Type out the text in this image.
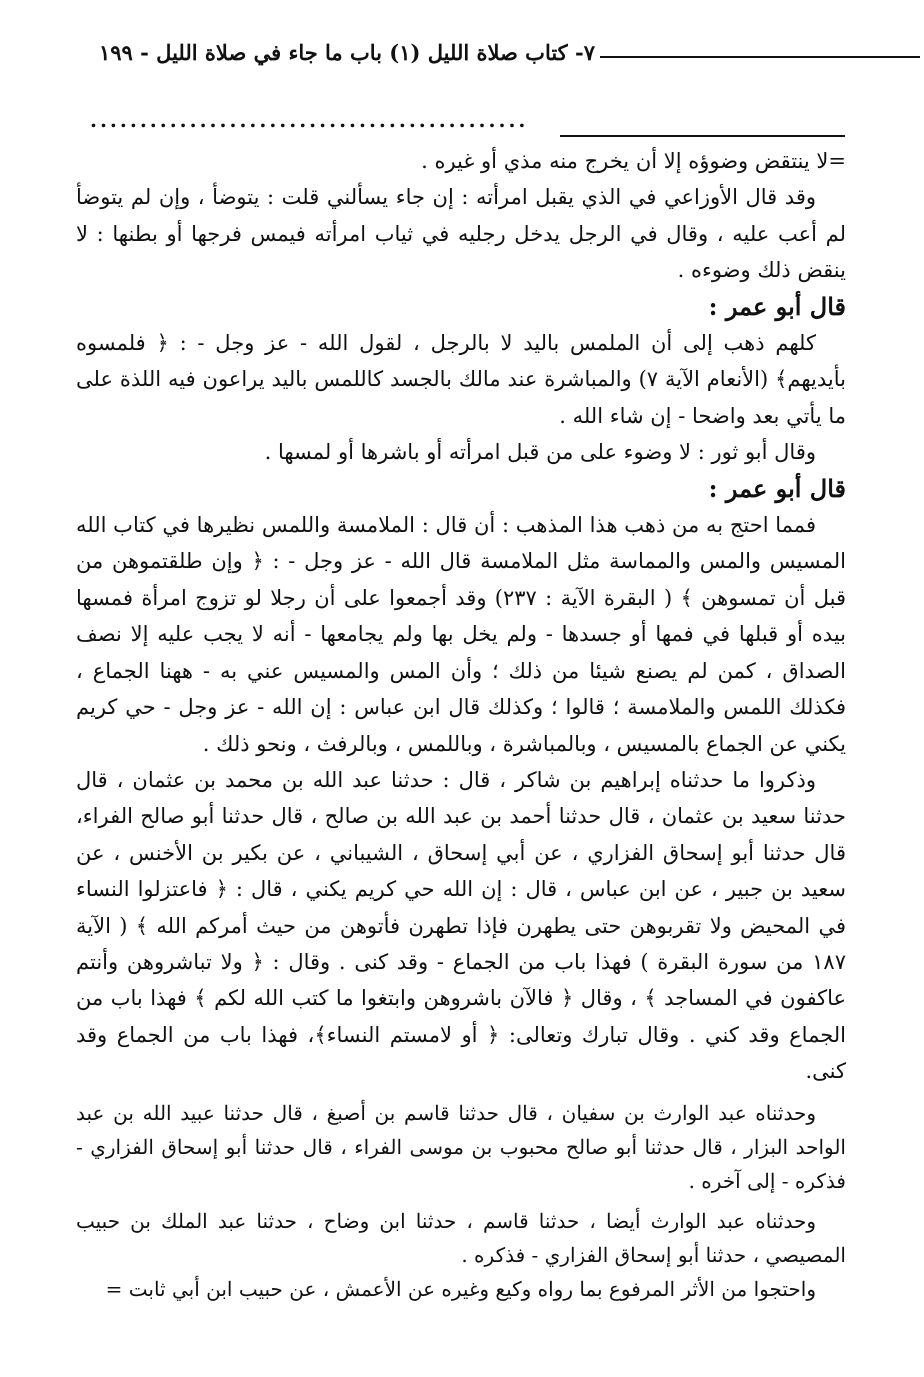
٧- كتاب صلاة الليل (١) باب ما جاء في صلاة الليل - ١٩٩
............................................

=لا ينتقض وضوؤه إلا أن يخرج منه مذي أو غيره .

وقد قال الأوزاعي في الذي يقبل امرأته : إن جاء يسألني قلت : يتوضأ ، وإن لم يتوضأ لم أعب عليه ، وقال في الرجل يدخل رجليه في ثياب امرأته فيمس فرجها أو بطنها : لا ينقض ذلك وضوءه .

قال أبو عمر :

كلهم ذهب إلى أن الملمس باليد لا بالرجل ، لقول الله - عز وجل - : ﴿ فلمسوه بأيديهم﴾ (الأنعام الآية ٧) والمباشرة عند مالك بالجسد كاللمس باليد يراعون فيه اللذة على ما يأتي بعد واضحا - إن شاء الله .

وقال أبو ثور : لا وضوء على من قبل امرأته أو باشرها أو لمسها .

قال أبو عمر :

فمما احتج به من ذهب هذا المذهب : أن قال : الملامسة واللمس نظيرها في كتاب الله المسيس والمس والمماسة مثل الملامسة قال الله - عز وجل - : ﴿ وإن طلقتموهن من قبل أن تمسوهن ﴾ ( البقرة الآية : ٢٣٧) وقد أجمعوا على أن رجلا لو تزوج امرأة فمسها بيده أو قبلها في فمها أو جسدها - ولم يخل بها ولم يجامعها - أنه لا يجب عليه إلا نصف الصداق ، كمن لم يصنع شيئا من ذلك ؛ وأن المس والمسيس عني به - ههنا الجماع ، فكذلك اللمس والملامسة ؛ قالوا ؛ وكذلك قال ابن عباس : إن الله - عز وجل - حي كريم يكني عن الجماع بالمسيس ، وبالمباشرة ، وباللمس ، وبالرفث ، ونحو ذلك .

وذكروا ما حدثناه إبراهيم بن شاكر ، قال : حدثنا عبد الله بن محمد بن عثمان ، قال حدثنا سعيد بن عثمان ، قال حدثنا أحمد بن عبد الله بن صالح ، قال حدثنا أبو صالح الفراء، قال حدثنا أبو إسحاق الفزاري ، عن أبي إسحاق ، الشيباني ، عن بكير بن الأخنس ، عن سعيد بن جبير ، عن ابن عباس ، قال : إن الله حي كريم يكني ، قال : ﴿ فاعتزلوا النساء في المحيض ولا تقربوهن حتى يطهرن فإذا تطهرن فأتوهن من حيث أمركم الله ﴾ ( الآية ١٨٧ من سورة البقرة ) فهذا باب من الجماع - وقد كنى . وقال : ﴿ ولا تباشروهن وأنتم عاكفون في المساجد ﴾ ، وقال ﴿ فالآن باشروهن وابتغوا ما كتب الله لكم ﴾ فهذا باب من الجماع وقد كني . وقال تبارك وتعالى: ﴿ أو لامستم النساء﴾، فهذا باب من الجماع وقد كنى.

وحدثناه عبد الوارث بن سفيان ، قال حدثنا قاسم بن أصبغ ، قال حدثنا عبيد الله بن عبد الواحد البزار ، قال حدثنا أبو صالح محبوب بن موسى الفراء ، قال حدثنا أبو إسحاق الفزاري - فذكره - إلى آخره .

وحدثناه عبد الوارث أيضا ، حدثنا قاسم ، حدثنا ابن وضاح ، حدثنا عبد الملك بن حبيب المصيصي ، حدثنا أبو إسحاق الفزاري - فذكره .

واحتجوا من الأثر المرفوع بما رواه وكيع وغيره عن الأعمش ، عن حبيب ابن أبي ثابت =
